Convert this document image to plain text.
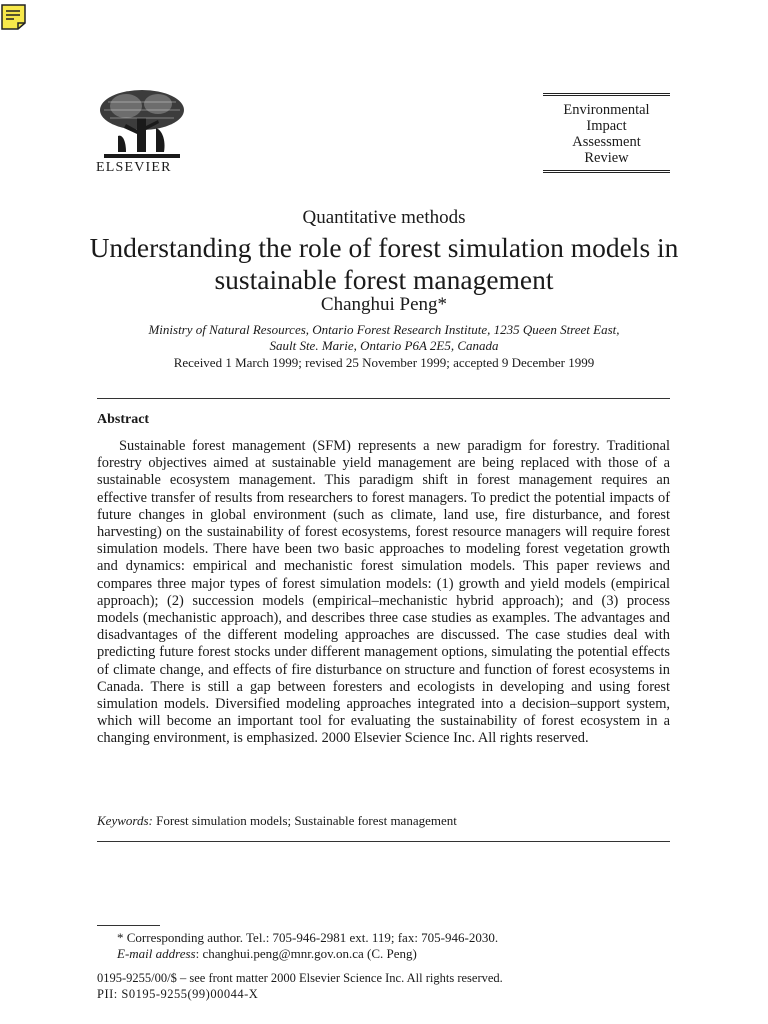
ELSEVIER
Environmental
Impact
Assessment
Review
Quantitative methods
Understanding the role of forest simulation models in sustainable forest management
Changhui Peng*
Ministry of Natural Resources, Ontario Forest Research Institute, 1235 Queen Street East,
Sault Ste. Marie, Ontario P6A 2E5, Canada
Received 1 March 1999; revised 25 November 1999; accepted 9 December 1999
Abstract
Sustainable forest management (SFM) represents a new paradigm for forestry. Traditional forestry objectives aimed at sustainable yield management are being replaced with those of a sustainable ecosystem management. This paradigm shift in forest management requires an effective transfer of results from researchers to forest managers. To predict the potential impacts of future changes in global environment (such as climate, land use, fire disturbance, and forest harvesting) on the sustainability of forest ecosystems, forest resource managers will require forest simulation models. There have been two basic approaches to modeling forest vegetation growth and dynamics: empirical and mechanistic forest simulation models. This paper reviews and compares three major types of forest simulation models: (1) growth and yield models (empirical approach); (2) succession models (empirical–mechanistic hybrid approach); and (3) process models (mechanistic approach), and describes three case studies as examples. The advantages and disadvantages of the different modeling approaches are discussed. The case studies deal with predicting future forest stocks under different management options, simulating the potential effects of climate change, and effects of fire disturbance on structure and function of forest ecosystems in Canada. There is still a gap between foresters and ecologists in developing and using forest simulation models. Diversified modeling approaches integrated into a decision–support system, which will become an important tool for evaluating the sustainability of forest ecosystem in a changing environment, is emphasized. 2000 Elsevier Science Inc. All rights reserved.
Keywords: Forest simulation models; Sustainable forest management
* Corresponding author. Tel.: 705-946-2981 ext. 119; fax: 705-946-2030.
E-mail address: changhui.peng@mnr.gov.on.ca (C. Peng)
0195-9255/00/$ – see front matter 2000 Elsevier Science Inc. All rights reserved.
PII: S0195-9255(99)00044-X
